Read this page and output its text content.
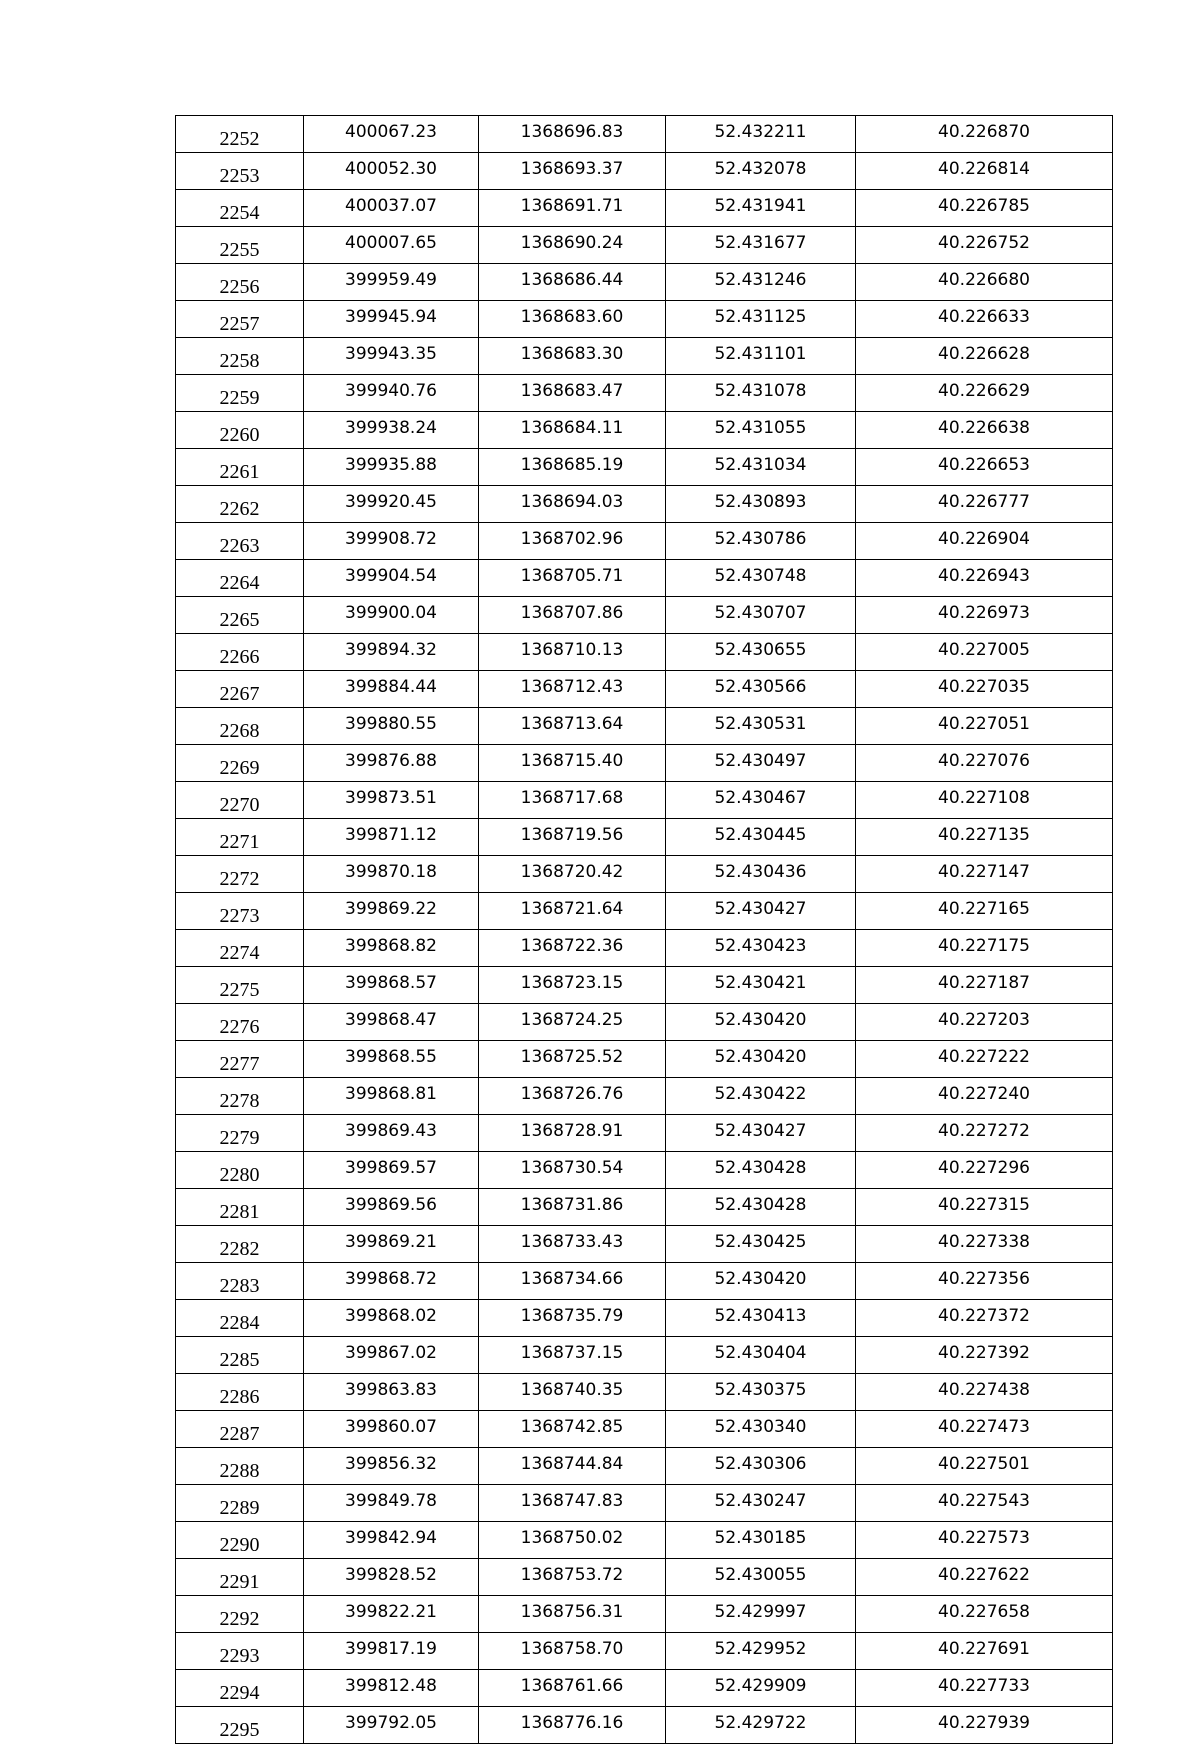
2252	400067.23	1368696.83	52.432211	40.226870
2253	400052.30	1368693.37	52.432078	40.226814
2254	400037.07	1368691.71	52.431941	40.226785
2255	400007.65	1368690.24	52.431677	40.226752
2256	399959.49	1368686.44	52.431246	40.226680
2257	399945.94	1368683.60	52.431125	40.226633
2258	399943.35	1368683.30	52.431101	40.226628
2259	399940.76	1368683.47	52.431078	40.226629
2260	399938.24	1368684.11	52.431055	40.226638
2261	399935.88	1368685.19	52.431034	40.226653
2262	399920.45	1368694.03	52.430893	40.226777
2263	399908.72	1368702.96	52.430786	40.226904
2264	399904.54	1368705.71	52.430748	40.226943
2265	399900.04	1368707.86	52.430707	40.226973
2266	399894.32	1368710.13	52.430655	40.227005
2267	399884.44	1368712.43	52.430566	40.227035
2268	399880.55	1368713.64	52.430531	40.227051
2269	399876.88	1368715.40	52.430497	40.227076
2270	399873.51	1368717.68	52.430467	40.227108
2271	399871.12	1368719.56	52.430445	40.227135
2272	399870.18	1368720.42	52.430436	40.227147
2273	399869.22	1368721.64	52.430427	40.227165
2274	399868.82	1368722.36	52.430423	40.227175
2275	399868.57	1368723.15	52.430421	40.227187
2276	399868.47	1368724.25	52.430420	40.227203
2277	399868.55	1368725.52	52.430420	40.227222
2278	399868.81	1368726.76	52.430422	40.227240
2279	399869.43	1368728.91	52.430427	40.227272
2280	399869.57	1368730.54	52.430428	40.227296
2281	399869.56	1368731.86	52.430428	40.227315
2282	399869.21	1368733.43	52.430425	40.227338
2283	399868.72	1368734.66	52.430420	40.227356
2284	399868.02	1368735.79	52.430413	40.227372
2285	399867.02	1368737.15	52.430404	40.227392
2286	399863.83	1368740.35	52.430375	40.227438
2287	399860.07	1368742.85	52.430340	40.227473
2288	399856.32	1368744.84	52.430306	40.227501
2289	399849.78	1368747.83	52.430247	40.227543
2290	399842.94	1368750.02	52.430185	40.227573
2291	399828.52	1368753.72	52.430055	40.227622
2292	399822.21	1368756.31	52.429997	40.227658
2293	399817.19	1368758.70	52.429952	40.227691
2294	399812.48	1368761.66	52.429909	40.227733
2295	399792.05	1368776.16	52.429722	40.227939
